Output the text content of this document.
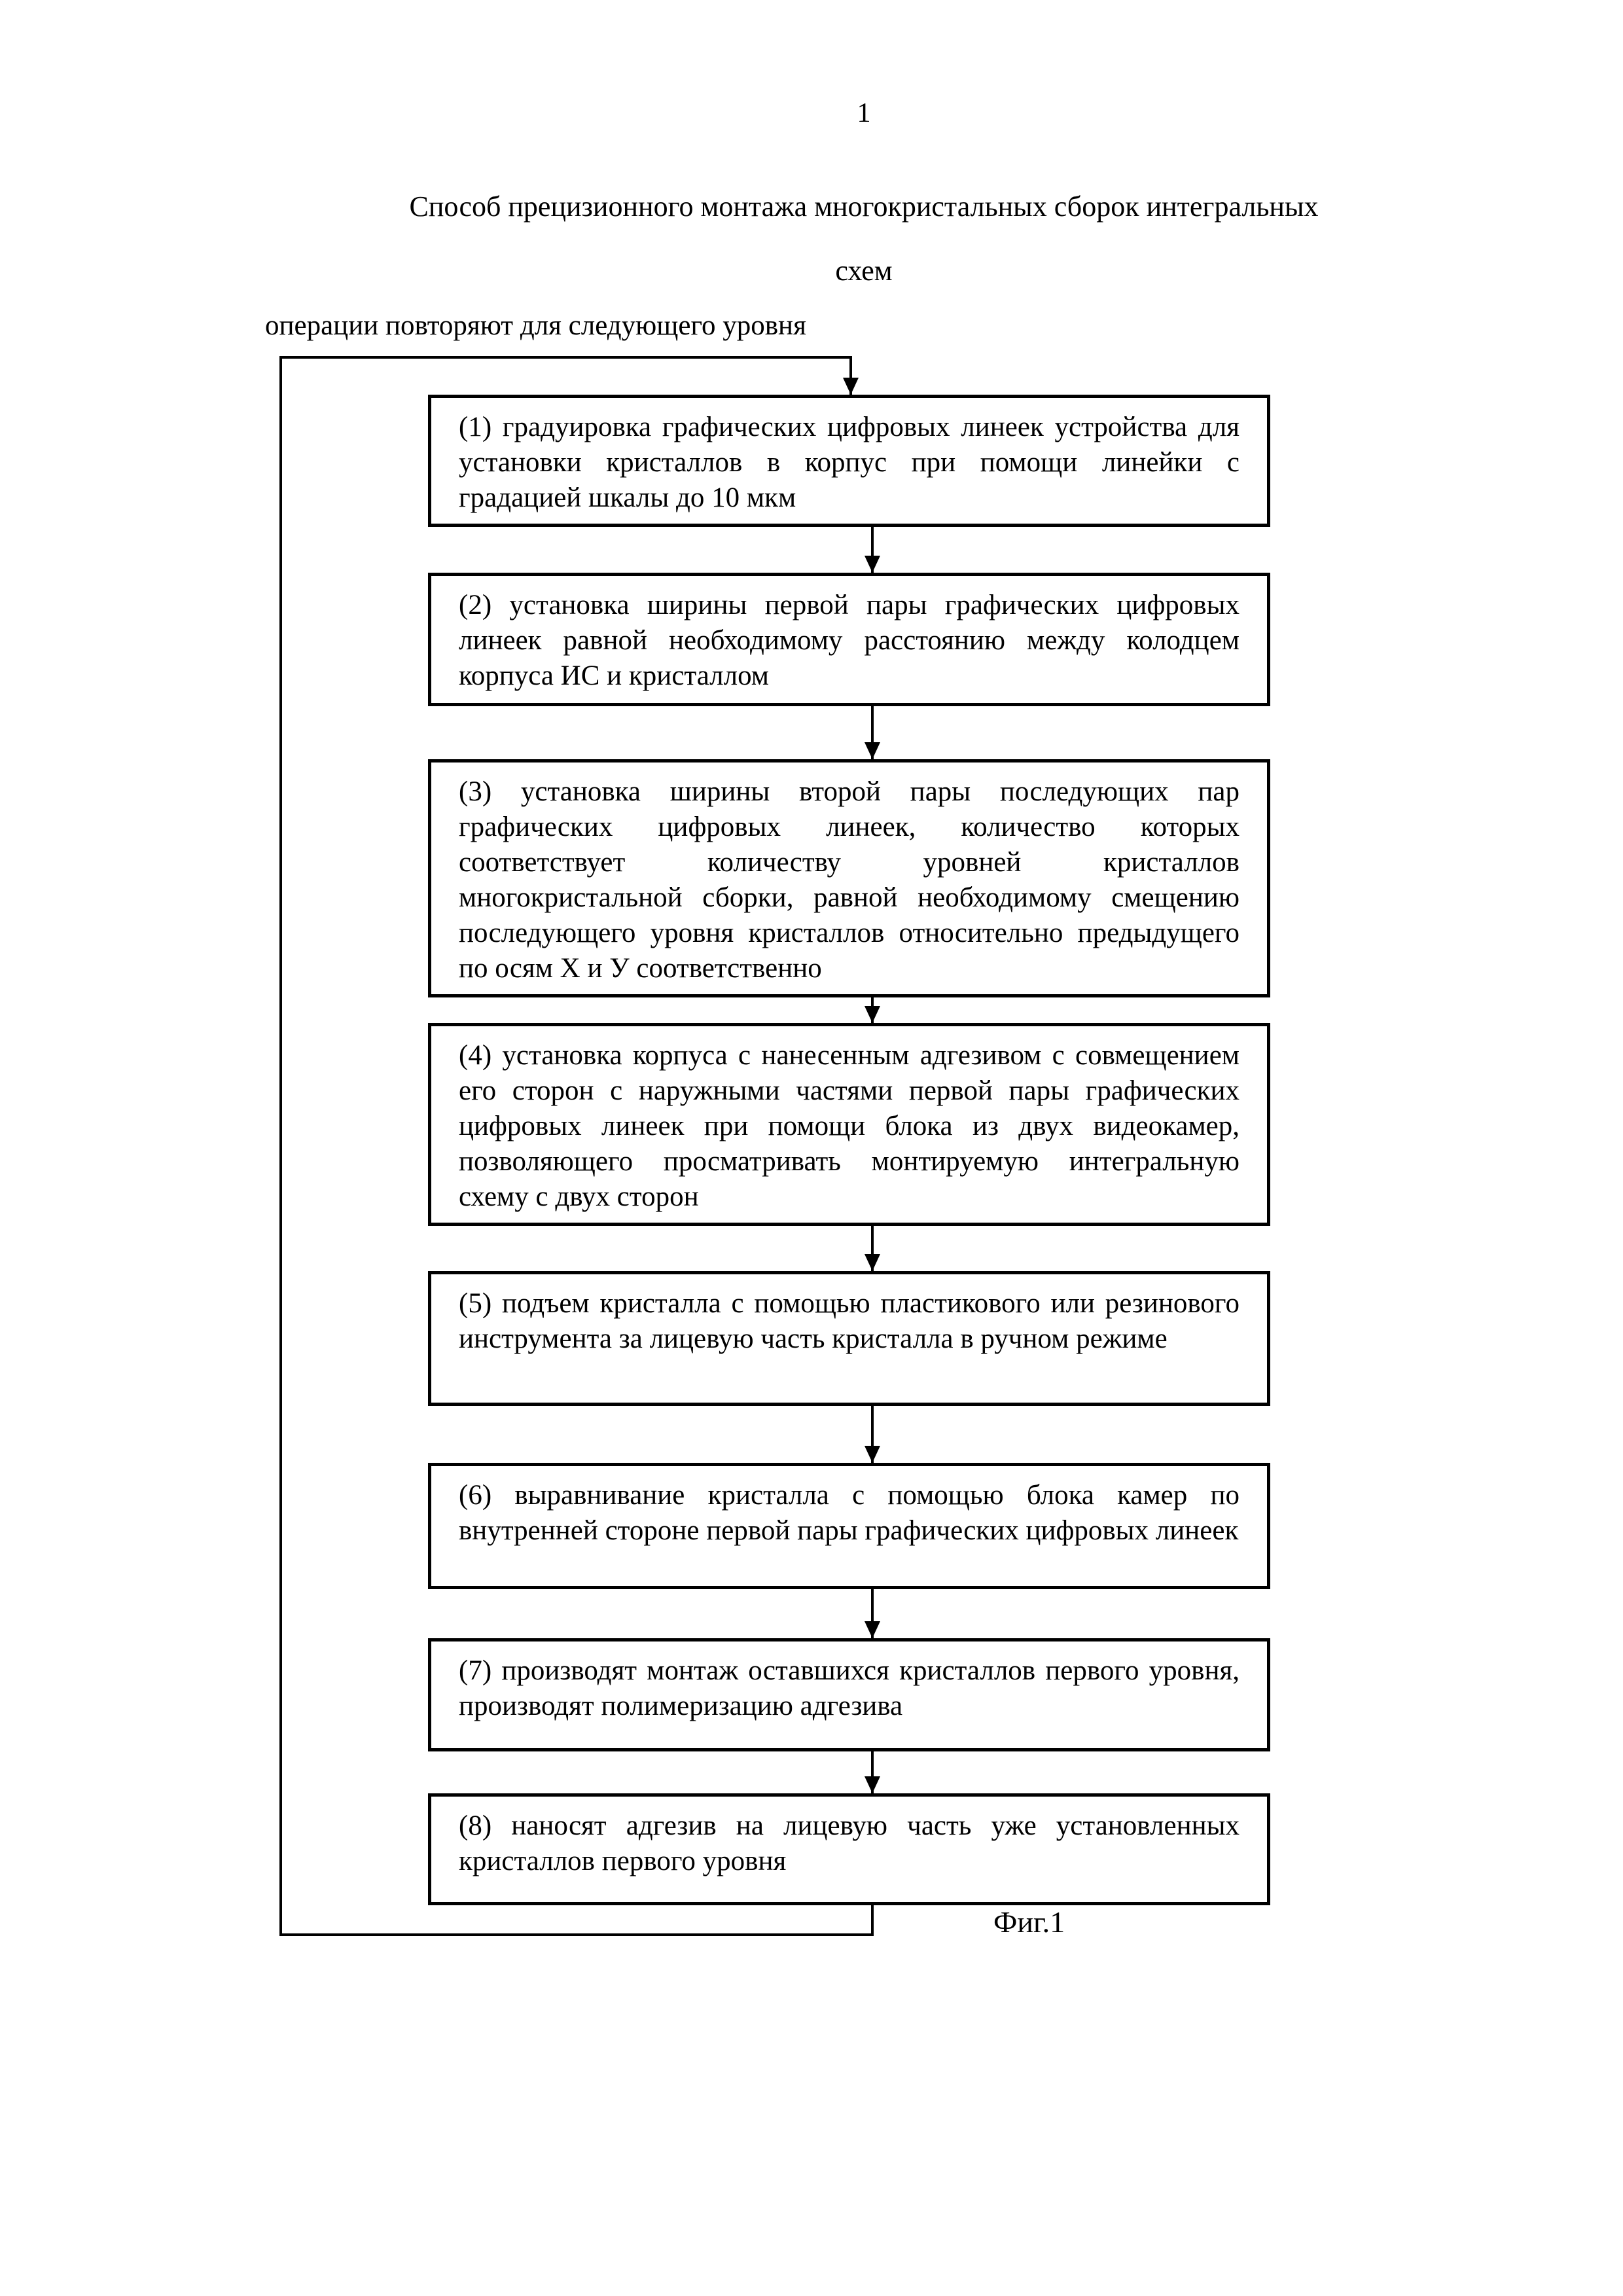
1
Способ прецизионного монтажа многокристальных сборок интегральных
схем
операции повторяют для следующего уровня
(1) градуировка графических цифровых линеек устройства для установки кристаллов в корпус при помощи линейки с градацией шкалы до 10 мкм
(2) установка ширины первой пары графических цифровых линеек равной необходимому расстоянию между колодцем корпуса ИС и кристаллом
(3) установка ширины второй пары последующих пар графических цифровых линеек, количество которых соответствует количеству уровней кристаллов многокристальной сборки, равной необходимому смещению последующего уровня кристаллов относительно предыдущего по осям Х и У соответственно
(4) установка корпуса с нанесенным адгезивом с совмещением его сторон с наружными частями первой пары графических цифровых линеек при помощи блока из двух видеокамер, позволяющего просматривать монтируемую интегральную схему с двух сторон
(5) подъем кристалла с помощью пластикового или резинового инструмента за лицевую часть кристалла в ручном режиме
(6) выравнивание кристалла с помощью блока камер по внутренней стороне первой пары графических цифровых линеек
(7) производят монтаж оставшихся кристаллов первого уровня, производят полимеризацию адгезива
(8) наносят адгезив на лицевую часть уже установленных кристаллов первого уровня
Фиг.1
